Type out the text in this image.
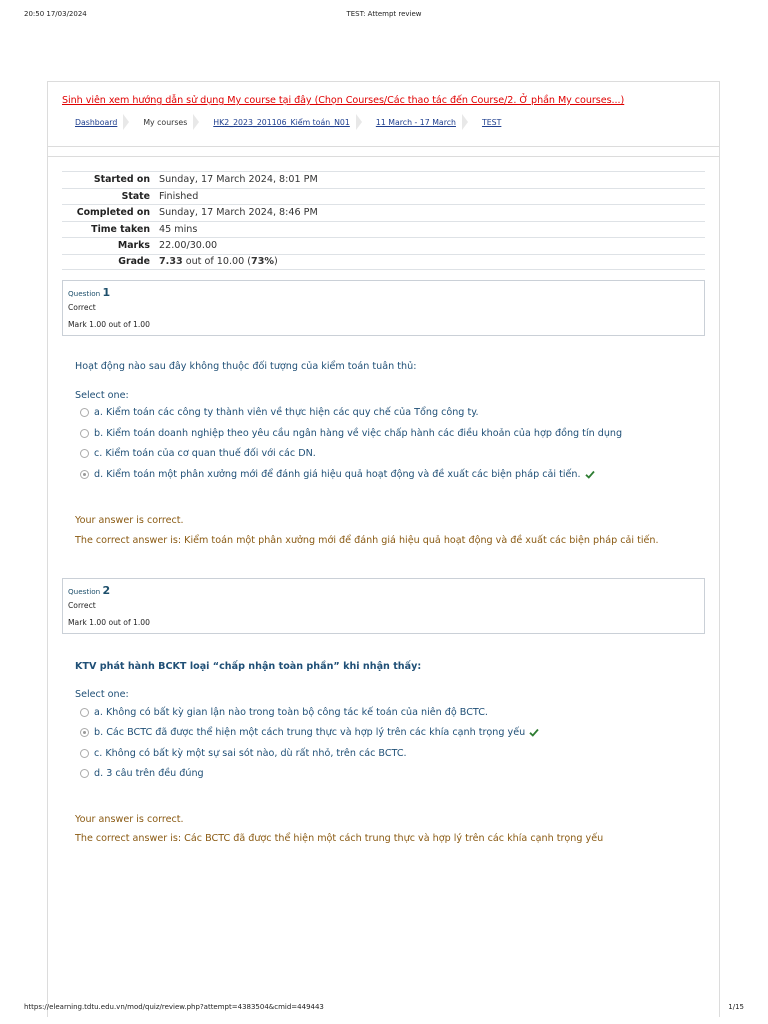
20:50 17/03/2024	TEST: Attempt review
Sinh viên xem hướng dẫn sử dụng My course tại đây (Chọn Courses/Các thao tác đến Course/2. Ở phần My courses...)
Dashboard	My courses	HK2_2023_201106_Kiểm toán_N01	11 March - 17 March	TEST
Started on Sunday, 17 March 2024, 8:01 PM
State Finished
Completed on Sunday, 17 March 2024, 8:46 PM
Time taken 45 mins
Marks 22.00/30.00
Grade 7.33 out of 10.00 (73%)
Question 1
Correct
Mark 1.00 out of 1.00
Hoạt động nào sau đây không thuộc đối tượng của kiểm toán tuân thủ:
Select one:
a. Kiểm toán các công ty thành viên về thực hiện các quy chế của Tổng công ty.
b. Kiểm toán doanh nghiệp theo yêu cầu ngân hàng về việc chấp hành các điều khoản của hợp đồng tín dụng
c. Kiểm toán của cơ quan thuế đối với các DN.
d. Kiểm toán một phân xưởng mới để đánh giá hiệu quả hoạt động và đề xuất các biện pháp cải tiến.
Your answer is correct.
The correct answer is: Kiểm toán một phân xưởng mới để đánh giá hiệu quả hoạt động và đề xuất các biện pháp cải tiến.
Question 2
Correct
Mark 1.00 out of 1.00
KTV phát hành BCKT loại “chấp nhận toàn phần” khi nhận thấy:
Select one:
a. Không có bất kỳ gian lận nào trong toàn bộ công tác kế toán của niên độ BCTC.
b. Các BCTC đã được thể hiện một cách trung thực và hợp lý trên các khía cạnh trọng yếu
c. Không có bất kỳ một sự sai sót nào, dù rất nhỏ, trên các BCTC.
d. 3 câu trên đều đúng
Your answer is correct.
The correct answer is: Các BCTC đã được thể hiện một cách trung thực và hợp lý trên các khía cạnh trọng yếu
https://elearning.tdtu.edu.vn/mod/quiz/review.php?attempt=4383504&cmid=449443	1/15
